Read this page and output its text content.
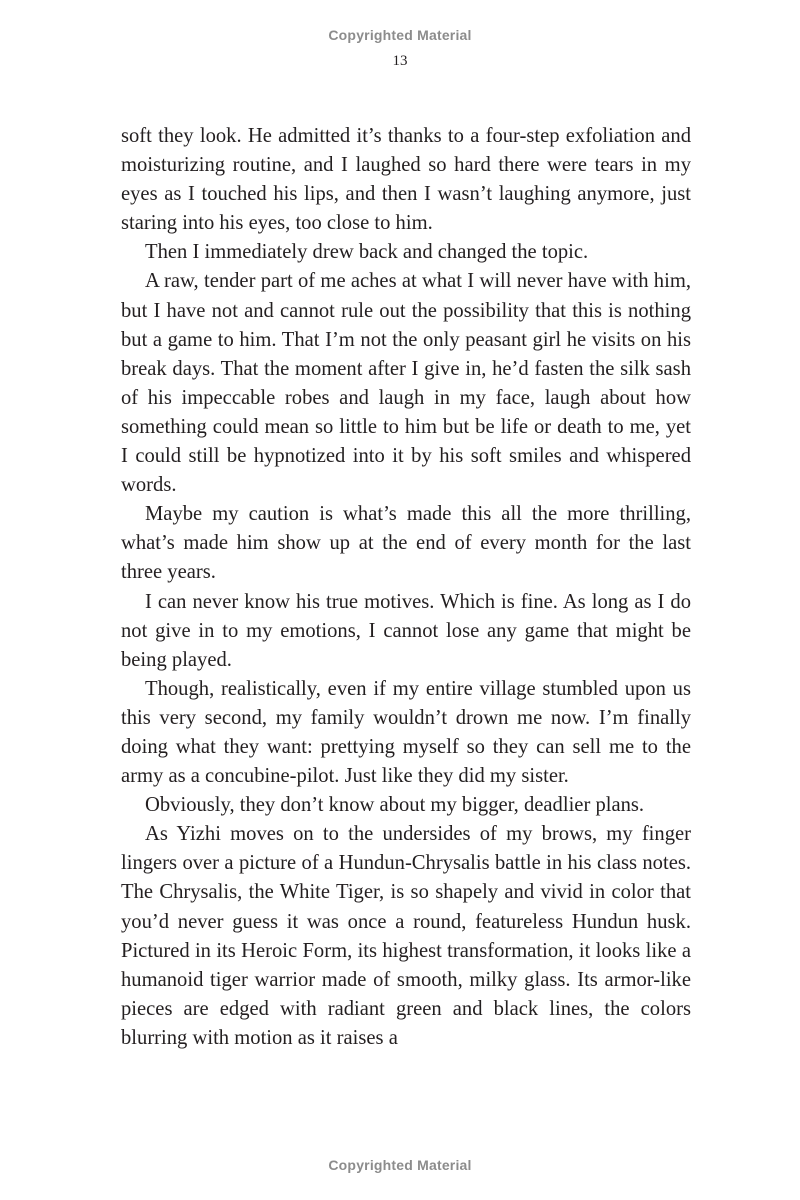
Copyrighted Material
13

soft they look. He admitted it’s thanks to a four-step exfoliation and moisturizing routine, and I laughed so hard there were tears in my eyes as I touched his lips, and then I wasn’t laughing anymore, just staring into his eyes, too close to him.

Then I immediately drew back and changed the topic.

A raw, tender part of me aches at what I will never have with him, but I have not and cannot rule out the possibility that this is nothing but a game to him. That I’m not the only peasant girl he visits on his break days. That the moment after I give in, he’d fasten the silk sash of his impeccable robes and laugh in my face, laugh about how something could mean so little to him but be life or death to me, yet I could still be hypnotized into it by his soft smiles and whispered words.

Maybe my caution is what’s made this all the more thrilling, what’s made him show up at the end of every month for the last three years.

I can never know his true motives. Which is fine. As long as I do not give in to my emotions, I cannot lose any game that might be being played.

Though, realistically, even if my entire village stumbled upon us this very second, my family wouldn’t drown me now. I’m finally doing what they want: prettying myself so they can sell me to the army as a concubine-pilot. Just like they did my sister.

Obviously, they don’t know about my bigger, deadlier plans.

As Yizhi moves on to the undersides of my brows, my finger lingers over a picture of a Hundun-Chrysalis battle in his class notes. The Chrysalis, the White Tiger, is so shapely and vivid in color that you’d never guess it was once a round, featureless Hundun husk. Pictured in its Heroic Form, its highest transformation, it looks like a humanoid tiger warrior made of smooth, milky glass. Its armor-like pieces are edged with radiant green and black lines, the colors blurring with motion as it raises a

Copyrighted Material
